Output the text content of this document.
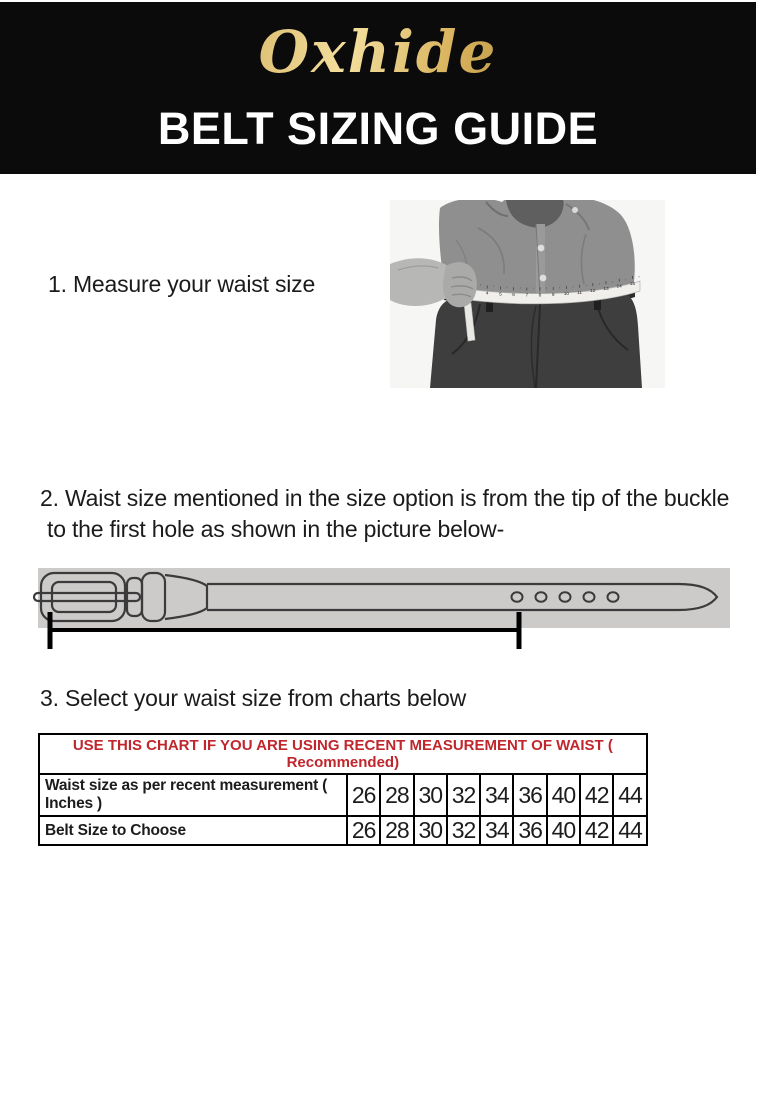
Oxhide
BELT SIZING GUIDE
1. Measure your waist size	4 5 6 7 8 9 10 11 12 13 14
15
2. Waist size mentioned in the size option is from the tip of the buckle
to the first hole as shown in the picture below-
3. Select your waist size from charts below
USE THIS CHART IF YOU ARE USING RECENT MEASUREMENT OF WAIST ( Recommended)									
Waist size as per recent measurement ( Inches )	26	28	30	32	34	36	40	42	44
Belt Size to Choose	26	28	30	32	34	36	40	42	44
